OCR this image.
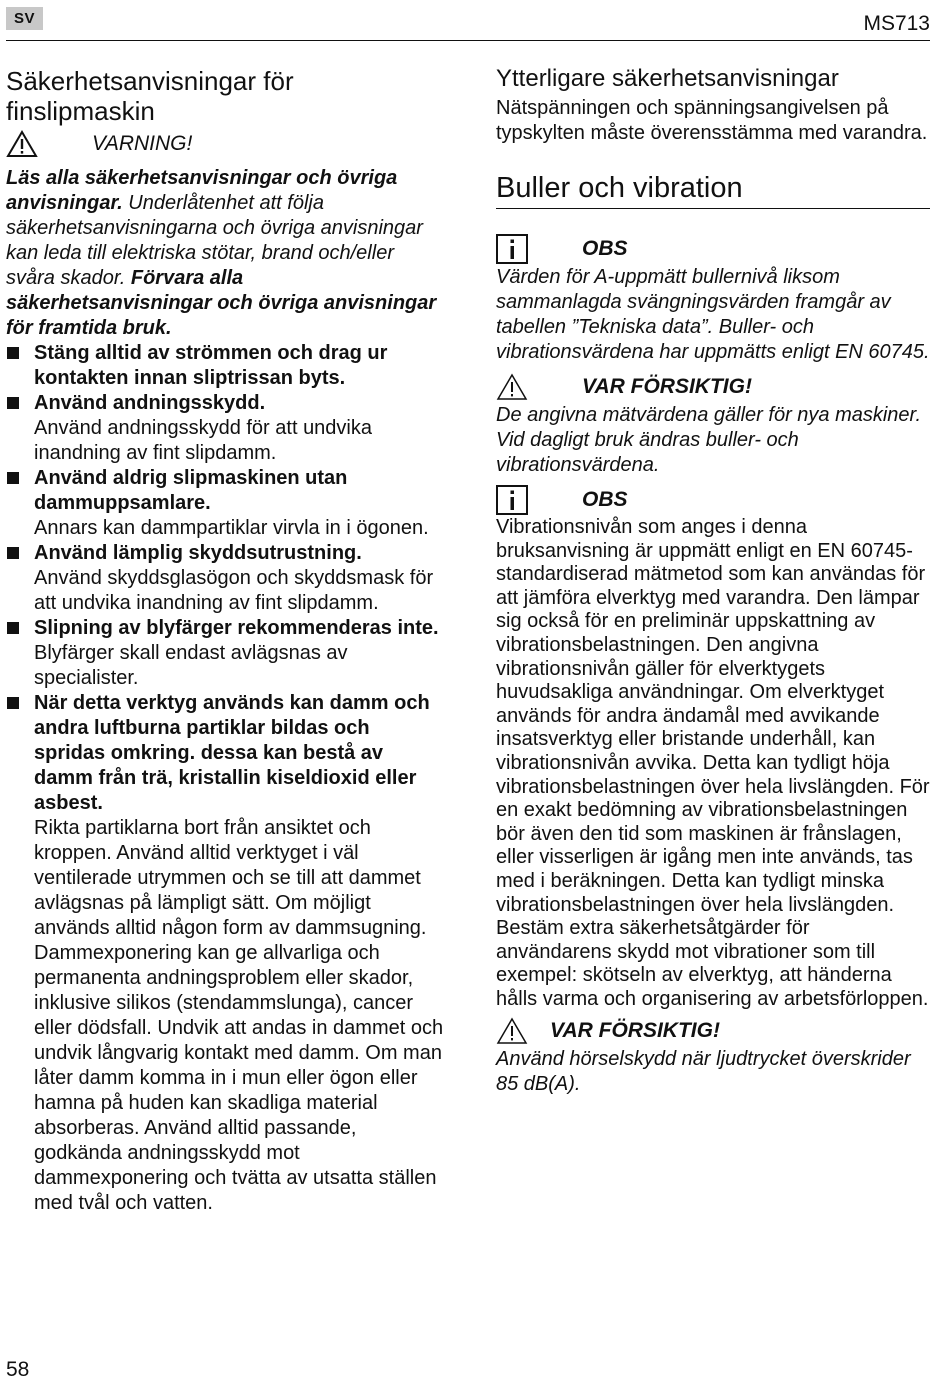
SV	MS713
Säkerhetsanvisningar för finslipmaskin
VARNING!

Läs alla säkerhetsanvisningar och övriga anvisningar. Underlåtenhet att följa säkerhetsanvisningarna och övriga anvisningar kan leda till elektriska stötar, brand och/eller svåra skador. Förvara alla säkerhetsanvisningar och övriga anvisningar för framtida bruk.

Stäng alltid av strömmen och drag ur kontakten innan sliptrissan byts.

Använd andningsskydd.

Använd andningsskydd för att undvika inandning av fint slipdamm.

Använd aldrig slipmaskinen utan dammuppsamlare.

Annars kan dammpartiklar virvla in i ögonen.

Använd lämplig skyddsutrustning.

Använd skyddsglasögon och skyddsmask för att undvika inandning av fint slipdamm.

Slipning av blyfärger rekommenderas inte.

Blyfärger skall endast avlägsnas av specialister.

När detta verktyg används kan damm och andra luftburna partiklar bildas och spridas omkring. dessa kan bestå av damm från trä, kristallin kiseldioxid eller asbest.

Rikta partiklarna bort från ansiktet och kroppen. Använd alltid verktyget i väl ventilerade utrymmen och se till att dammet avlägsnas på lämpligt sätt. Om möjligt används alltid någon form av dammsugning. Dammexponering kan ge allvarliga och permanenta andningsproblem eller skador, inklusive silikos (stendammslunga), cancer eller dödsfall. Undvik att andas in dammet och undvik långvarig kontakt med damm. Om man låter damm komma in i mun eller ögon eller hamna på huden kan skadliga material absorberas. Använd alltid passande, godkända andningsskydd mot dammexponering och tvätta av utsatta ställen med tvål och vatten.

Ytterligare säkerhetsanvisningar

Nätspänningen och spänningsangivelsen på typskylten måste överensstämma med varandra.

Buller och vibration
OBS

Värden för A-uppmätt bullernivå liksom sammanlagda svängningsvärden framgår av tabellen ”Tekniska data”. Buller- och vibrationsvärdena har uppmätts enligt EN 60745.

VAR FÖRSIKTIG!

De angivna mätvärdena gäller för nya maskiner. Vid dagligt bruk ändras buller- och vibrationsvärdena.

OBS

Vibrationsnivån som anges i denna bruksanvisning är uppmätt enligt en EN 60745-standardiserad mätmetod som kan användas för att jämföra elverktyg med varandra. Den lämpar sig också för en preliminär uppskattning av vibrationsbelastningen. Den angivna vibrationsnivån gäller för elverktygets huvudsakliga användningar. Om elverktyget används för andra ändamål med avvikande insatsverktyg eller bristande underhåll, kan vibrationsnivån avvika. Detta kan tydligt höja vibrationsbelastningen över hela livslängden. För en exakt bedömning av vibrationsbelastningen bör även den tid som maskinen är frånslagen, eller visserligen är igång men inte används, tas med i beräkningen. Detta kan tydligt minska vibrationsbelastningen över hela livslängden. Bestäm extra säkerhetsåtgärder för användarens skydd mot vibrationer som till exempel: skötseln av elverktyg, att händerna hålls varma och organisering av arbetsförloppen.

VAR FÖRSIKTIG!

Använd hörselskydd när ljudtrycket överskrider 85 dB(A).

58
